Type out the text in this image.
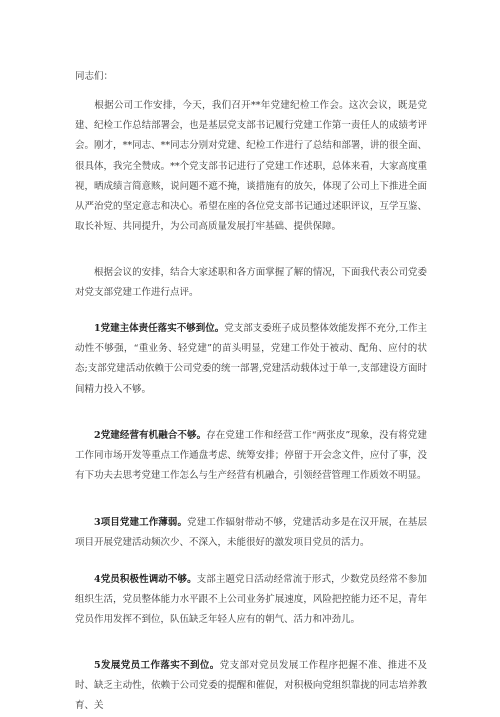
同志们：
根据公司工作安排，今天，我们召开**年党建纪检工作会。这次会议，既是党建、纪检工作总结部署会，也是基层党支部书记履行党建工作第一责任人的成绩考评会。刚才，**同志、**同志分别对党建、纪检工作进行了总结和部署，讲的很全面、很具体，我完全赞成。**个党支部书记进行了党建工作述职，总体来看，大家高度重视，晒成绩言简意赅，说问题不遮不掩，谈措施有的放矢，体现了公司上下推进全面从严治党的坚定意志和决心。希望在座的各位党支部书记通过述职评议，互学互鉴、取长补短、共同提升，为公司高质量发展打牢基础、提供保障。
根据会议的安排，结合大家述职和各方面掌握了解的情况，下面我代表公司党委对党支部党建工作进行点评。
1党建主体责任落实不够到位。党支部支委班子成员整体效能发挥不充分,工作主动性不够强，“重业务、轻党建”的苗头明显，党建工作处于被动、配角、应付的状态;支部党建活动依赖于公司党委的统一部署,党建活动载体过于单一,支部建设方面时间精力投入不够。
2党建经营有机融合不够。存在党建工作和经营工作“两张皮”现象，没有将党建工作同市场开发等重点工作通盘考虑、统筹安排；停留于开会念文件，应付了事，没有下功夫去思考党建工作怎么与生产经营有机融合，引领经营管理工作质效不明显。
3项目党建工作薄弱。党建工作辐射带动不够，党建活动多是在汉开展，在基层项目开展党建活动频次少、不深入，未能很好的激发项目党员的活力。
4党员积极性调动不够。支部主题党日活动经常流于形式，少数党员经常不参加组织生活，党员整体能力水平跟不上公司业务扩展速度，风险把控能力还不足，青年党员作用发挥不到位，队伍缺乏年轻人应有的朝气、活力和冲劲儿。
5发展党员工作落实不到位。党支部对党员发展工作程序把握不准、推进不及时、缺乏主动性，依赖于公司党委的提醒和催促，对积极向党组织靠拢的同志培养教育、关
